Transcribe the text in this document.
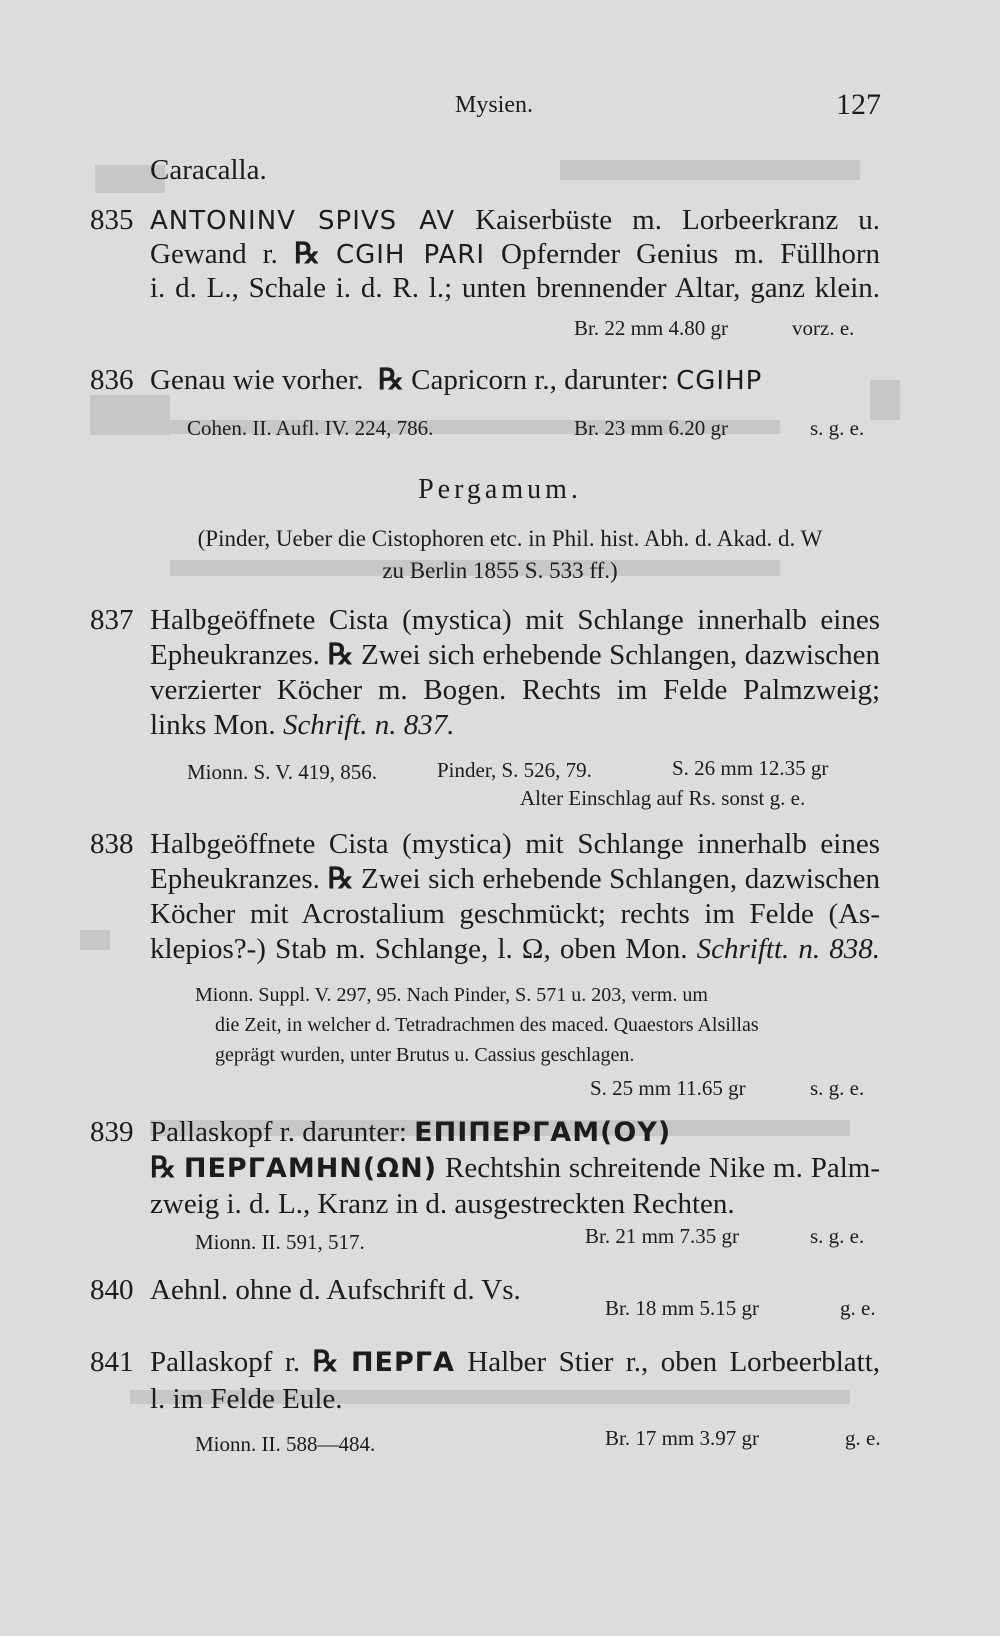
Mysien.	127
Caracalla.
835 ANTONINV SPIVS AV Kaiserbüste m. Lorbeerkranz u.
Gewand r. ℞ CGIH PARI Opfernder Genius m. Füllhorn
i. d. L., Schale i. d. R. l.; unten brennender Altar, ganz klein.
Br. 22 mm 4.80 gr	vorz. e.
836 Genau wie vorher. ℞ Capricorn r., darunter: CGIHP
Cohen. II. Aufl. IV. 224, 786.	Br. 23 mm 6.20 gr	s. g. e.
Pergamum.
(Pinder, Ueber die Cistophoren etc. in Phil. hist. Abh. d. Akad. d. W
zu Berlin 1855 S. 533 ff.)
837 Halbgeöffnete Cista (mystica) mit Schlange innerhalb eines
Epheukranzes. ℞ Zwei sich erhebende Schlangen, dazwischen
verzierter Köcher m. Bogen. Rechts im Felde Palmzweig;
links Mon. Schrift. n. 837.
Mionn. S. V. 419, 856.	Pinder, S. 526, 79.	S. 26 mm 12.35 gr
Alter Einschlag auf Rs. sonst g. e.
838 Halbgeöffnete Cista (mystica) mit Schlange innerhalb eines
Epheukranzes. ℞ Zwei sich erhebende Schlangen, dazwischen
Köcher mit Acrostalium geschmückt; rechts im Felde (As-
klepios?-) Stab m. Schlange, l. Ω, oben Mon. Schriftt. n. 838.
Mionn. Suppl. V. 297, 95. Nach Pinder, S. 571 u. 203, verm. um
die Zeit, in welcher d. Tetradrachmen des maced. Quaestors Alsillas
geprägt wurden, unter Brutus u. Cassius geschlagen.
S. 25 mm 11.65 gr	s. g. e.
839 Pallaskopf r. darunter: ΕΠΙΠΕΡΓΑΜ(ΟΥ)
℞ ΠΕΡΓΑΜΗΝ(ΩΝ) Rechtshin schreitende Nike m. Palm-
zweig i. d. L., Kranz in d. ausgestreckten Rechten.
Mionn. II. 591, 517.	Br. 21 mm 7.35 gr	s. g. e.
840 Aehnl. ohne d. Aufschrift d. Vs.
Br. 18 mm 5.15 gr	g. e.
841 Pallaskopf r. ℞ ΠΕΡΓΑ Halber Stier r., oben Lorbeerblatt,
l. im Felde Eule.
Mionn. II. 588—484.	Br. 17 mm 3.97 gr	g. e.
